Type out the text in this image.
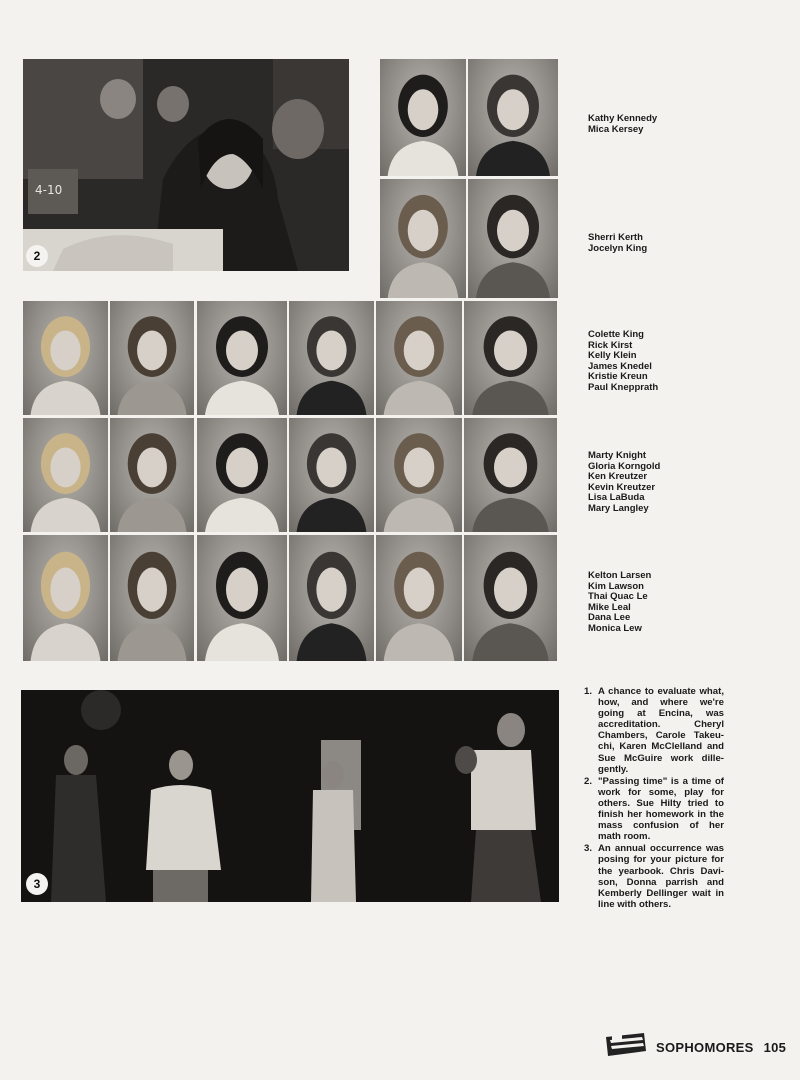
4-10
2
Kathy Kennedy
Mica Kersey
Sherri Kerth
Jocelyn King
Colette King
Rick Kirst
Kelly Klein
James Knedel
Kristie Kreun
Paul Knepprath
Marty Knight
Gloria Korngold
Ken Kreutzer
Kevin Kreutzer
Lisa LaBuda
Mary Langley
Kelton Larsen
Kim Lawson
Thai Quac Le
Mike Leal
Dana Lee
Monica Lew
3
1. A chance to evaluate what, how, and where we're going at Encina, was accreditation. Cheryl Chambers, Carole Takeu-chi, Karen McClelland and Sue McGuire work dille-gently.
2. "Passing time" is a time of work for some, play for others. Sue Hilty tried to finish her homework in the mass confusion of her math room.
3. An annual occurrence was posing for your picture for the yearbook. Chris Davi-son, Donna parrish and Kemberly Dellinger wait in line with others.
SOPHOMORES 105
